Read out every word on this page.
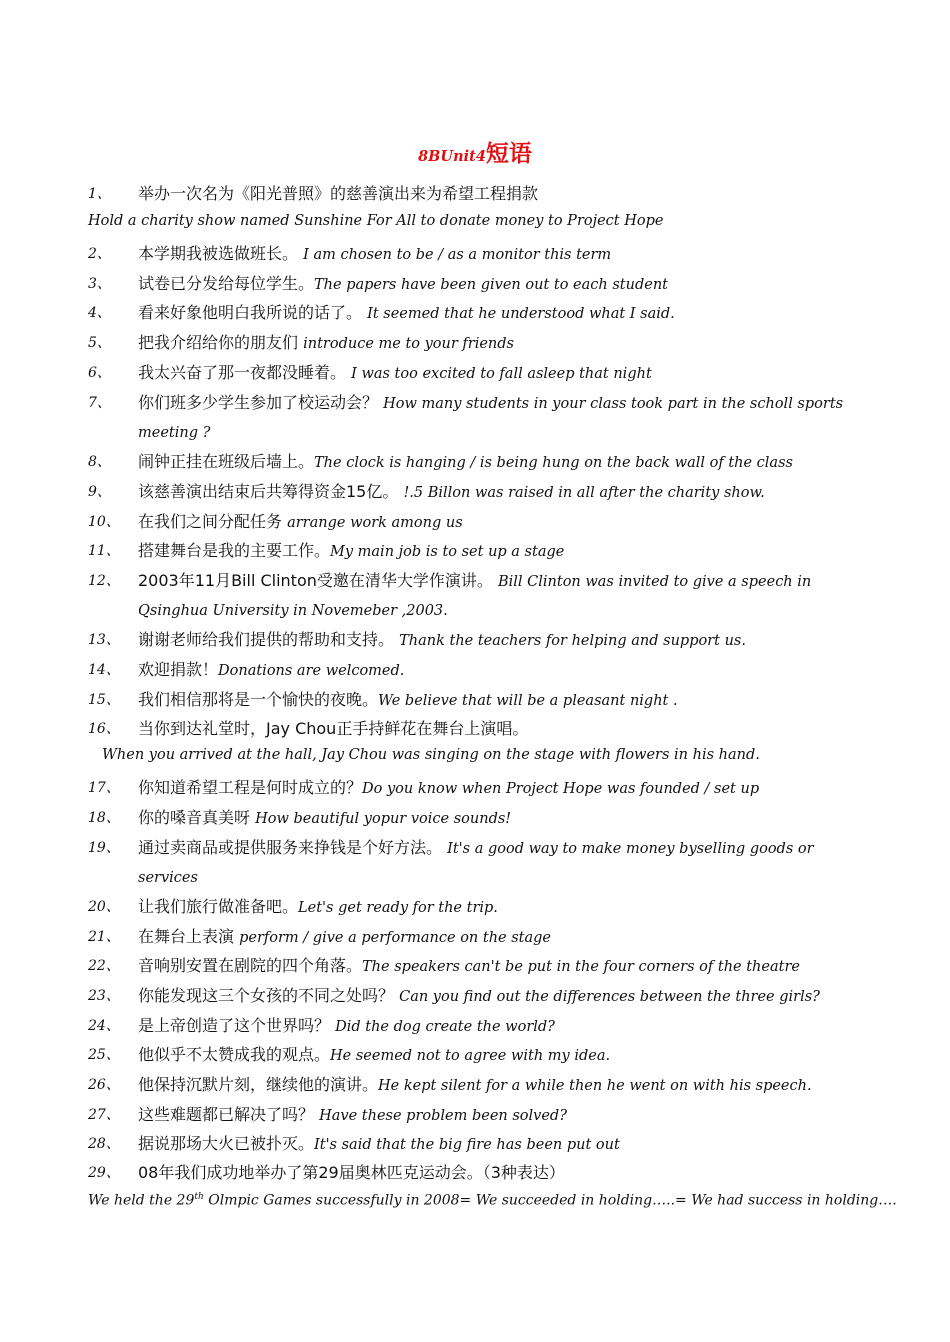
8BUnit4短语
1、	举办一次名为《阳光普照》的慈善演出来为希望工程捐款
Hold a charity show named Sunshine For All to donate money to Project Hope
2、	本学期我被选做班长。 I am chosen to be / as a monitor this term
3、	试卷已分发给每位学生。The papers have been given out to each student
4、	看来好象他明白我所说的话了。 It seemed that he understood what I said.
5、	把我介绍给你的朋友们 introduce me to your friends
6、	我太兴奋了那一夜都没睡着。 I was too excited to fall asleep that night
7、	你们班多少学生参加了校运动会？ How many students in your class took part in the scholl sports meeting ?
8、	闹钟正挂在班级后墙上。The clock is hanging / is being hung on the back wall of the class
9、	该慈善演出结束后共筹得资金15亿。 !.5 Billon was raised in all after the charity show.
10、	在我们之间分配任务 arrange work among us
11、	搭建舞台是我的主要工作。My main job is to set up a stage
12、	2003年11月Bill Clinton受邀在清华大学作演讲。 Bill Clinton was invited to give a speech in Qsinghua University in Novemeber ,2003.
13、	谢谢老师给我们提供的帮助和支持。 Thank the teachers for helping and support us.
14、	欢迎捐款！Donations are welcomed.
15、	我们相信那将是一个愉快的夜晚。We believe that will be a pleasant night .
16、	当你到达礼堂时，Jay Chou正手持鲜花在舞台上演唱。
When you arrived at the hall, Jay Chou was singing on the stage with flowers in his hand.
17、	你知道希望工程是何时成立的？Do you know when Project Hope was founded / set up
18、	你的嗓音真美呀 How beautiful yopur voice sounds!
19、	通过卖商品或提供服务来挣钱是个好方法。 It's a good way to make money byselling goods or services
20、	让我们旅行做准备吧。Let's get ready for the trip.
21、	在舞台上表演 perform / give a performance on the stage
22、	音响别安置在剧院的四个角落。The speakers can't be put in the four corners of the theatre
23、	你能发现这三个女孩的不同之处吗？ Can you find out the differences between the three girls?
24、	是上帝创造了这个世界吗？ Did the dog create the world?
25、	他似乎不太赞成我的观点。He seemed not to agree with my idea.
26、	他保持沉默片刻，继续他的演讲。He kept silent for a while then he went on with his speech.
27、	这些难题都已解决了吗？ Have these problem been solved?
28、	据说那场大火已被扑灭。It's said that the big fire has been put out
29、	08年我们成功地举办了第29届奥林匹克运动会。（3种表达）
We held the 29th Olmpic Games successfully in 2008= We succeeded in holding…..= We had success in holding….
